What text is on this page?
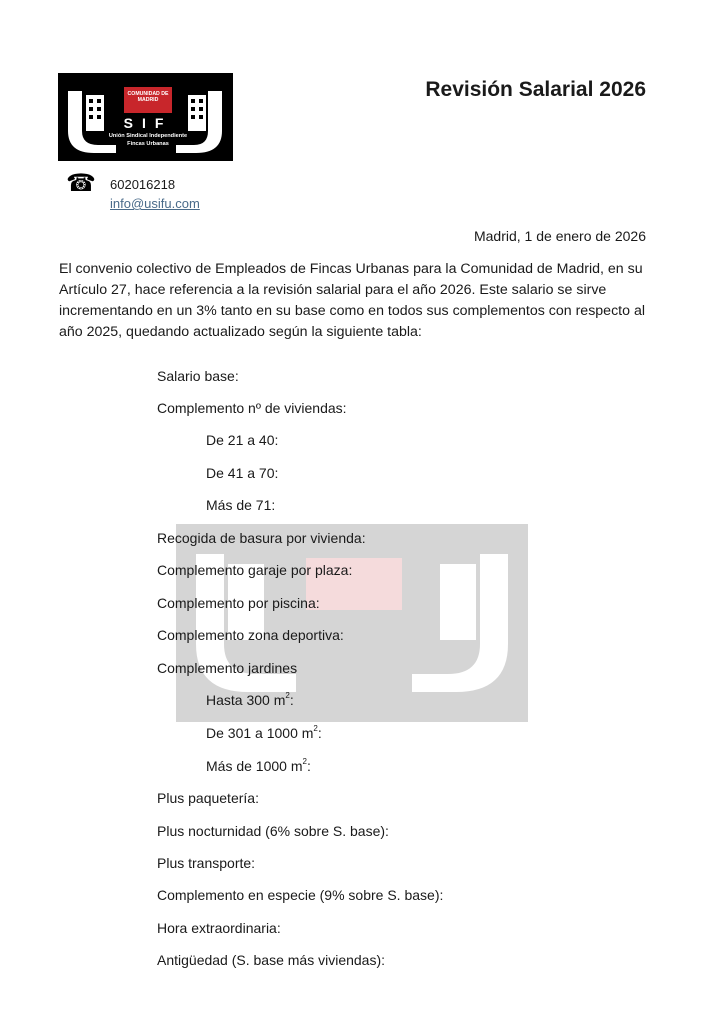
COMUNIDAD DE MADRID
SIF
Unión Sindical Independiente
Fincas Urbanas
Revisión Salarial 2026
☎ 602016218
info@usifu.com
Madrid, 1 de enero de 2026

El convenio colectivo de Empleados de Fincas Urbanas para la Comunidad de Madrid, en su Artículo 27, hace referencia a la revisión salarial para el año 2026. Este salario se sirve incrementando en un 3% tanto en su base como en todos sus complementos con respecto al año 2025, quedando actualizado según la siguiente tabla:

Salario base:
Complemento nº de viviendas:
De 21 a 40:
De 41 a 70:
Más de 71:
Recogida de basura por vivienda:
Complemento garaje por plaza:
Complemento por piscina:
Complemento zona deportiva:
Complemento jardines
Hasta 300 $m^2$:
De 301 a 1000 $m^2$:
Más de 1000 $m^2$:
Plus paquetería:
Plus nocturnidad (6% sobre S. base):
Plus transporte:
Complemento en especie (9% sobre S. base):
Hora extraordinaria:
Antigüedad (S. base más viviendas):
